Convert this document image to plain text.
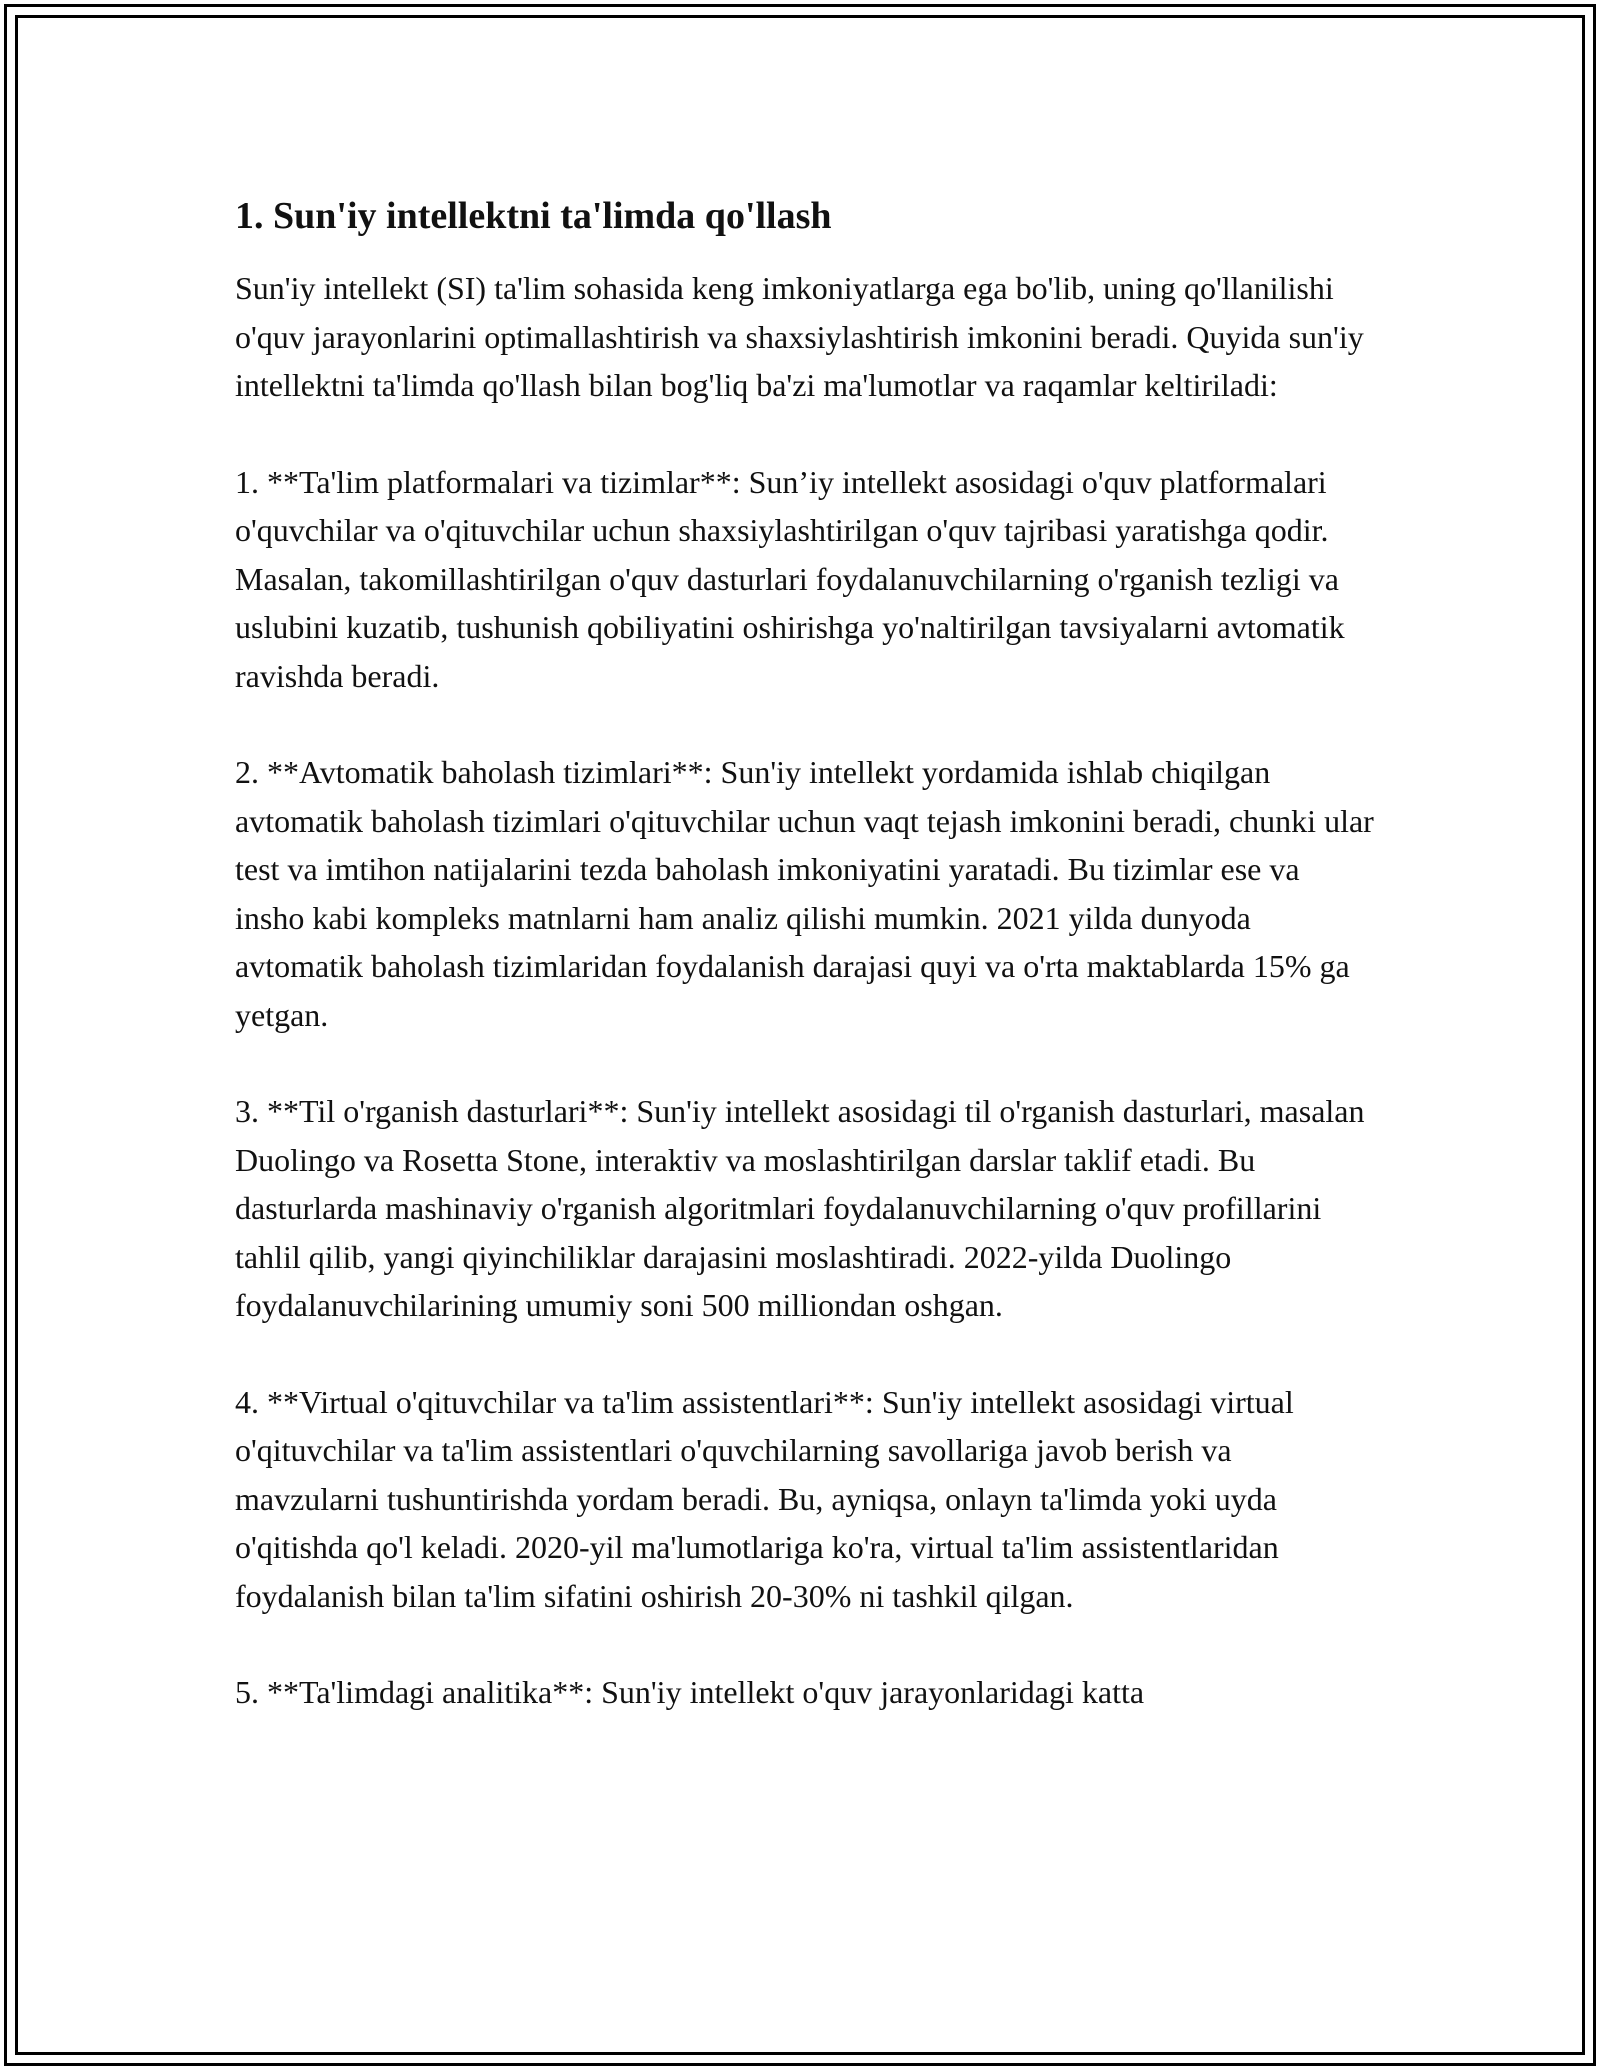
1. Sun'iy intellektni ta'limda qo'llash

Sun'iy intellekt (SI) ta'lim sohasida keng imkoniyatlarga ega bo'lib, uning qo'llanilishi o'quv jarayonlarini optimallashtirish va shaxsiylashtirish imkonini beradi. Quyida sun'iy intellektni ta'limda qo'llash bilan bog'liq ba'zi ma'lumotlar va raqamlar keltiriladi:

1. **Ta'lim platformalari va tizimlar**: Sun’iy intellekt asosidagi o'quv platformalari o'quvchilar va o'qituvchilar uchun shaxsiylashtirilgan o'quv tajribasi yaratishga qodir. Masalan, takomillashtirilgan o'quv dasturlari foydalanuvchilarning o'rganish tezligi va uslubini kuzatib, tushunish qobiliyatini oshirishga yo'naltirilgan tavsiyalarni avtomatik ravishda beradi.

2. **Avtomatik baholash tizimlari**: Sun'iy intellekt yordamida ishlab chiqilgan avtomatik baholash tizimlari o'qituvchilar uchun vaqt tejash imkonini beradi, chunki ular test va imtihon natijalarini tezda baholash imkoniyatini yaratadi. Bu tizimlar ese va insho kabi kompleks matnlarni ham analiz qilishi mumkin. 2021 yilda dunyoda avtomatik baholash tizimlaridan foydalanish darajasi quyi va o'rta maktablarda 15% ga yetgan.

3. **Til o'rganish dasturlari**: Sun'iy intellekt asosidagi til o'rganish dasturlari, masalan Duolingo va Rosetta Stone, interaktiv va moslashtirilgan darslar taklif etadi. Bu dasturlarda mashinaviy o'rganish algoritmlari foydalanuvchilarning o'quv profillarini tahlil qilib, yangi qiyinchiliklar darajasini moslashtiradi. 2022-yilda Duolingo foydalanuvchilarining umumiy soni 500 milliondan oshgan.

4. **Virtual o'qituvchilar va ta'lim assistentlari**: Sun'iy intellekt asosidagi virtual o'qituvchilar va ta'lim assistentlari o'quvchilarning savollariga javob berish va mavzularni tushuntirishda yordam beradi. Bu, ayniqsa, onlayn ta'limda yoki uyda o'qitishda qo'l keladi. 2020-yil ma'lumotlariga ko'ra, virtual ta'lim assistentlaridan foydalanish bilan ta'lim sifatini oshirish 20-30% ni tashkil qilgan.

5. **Ta'limdagi analitika**: Sun'iy intellekt o'quv jarayonlaridagi katta
